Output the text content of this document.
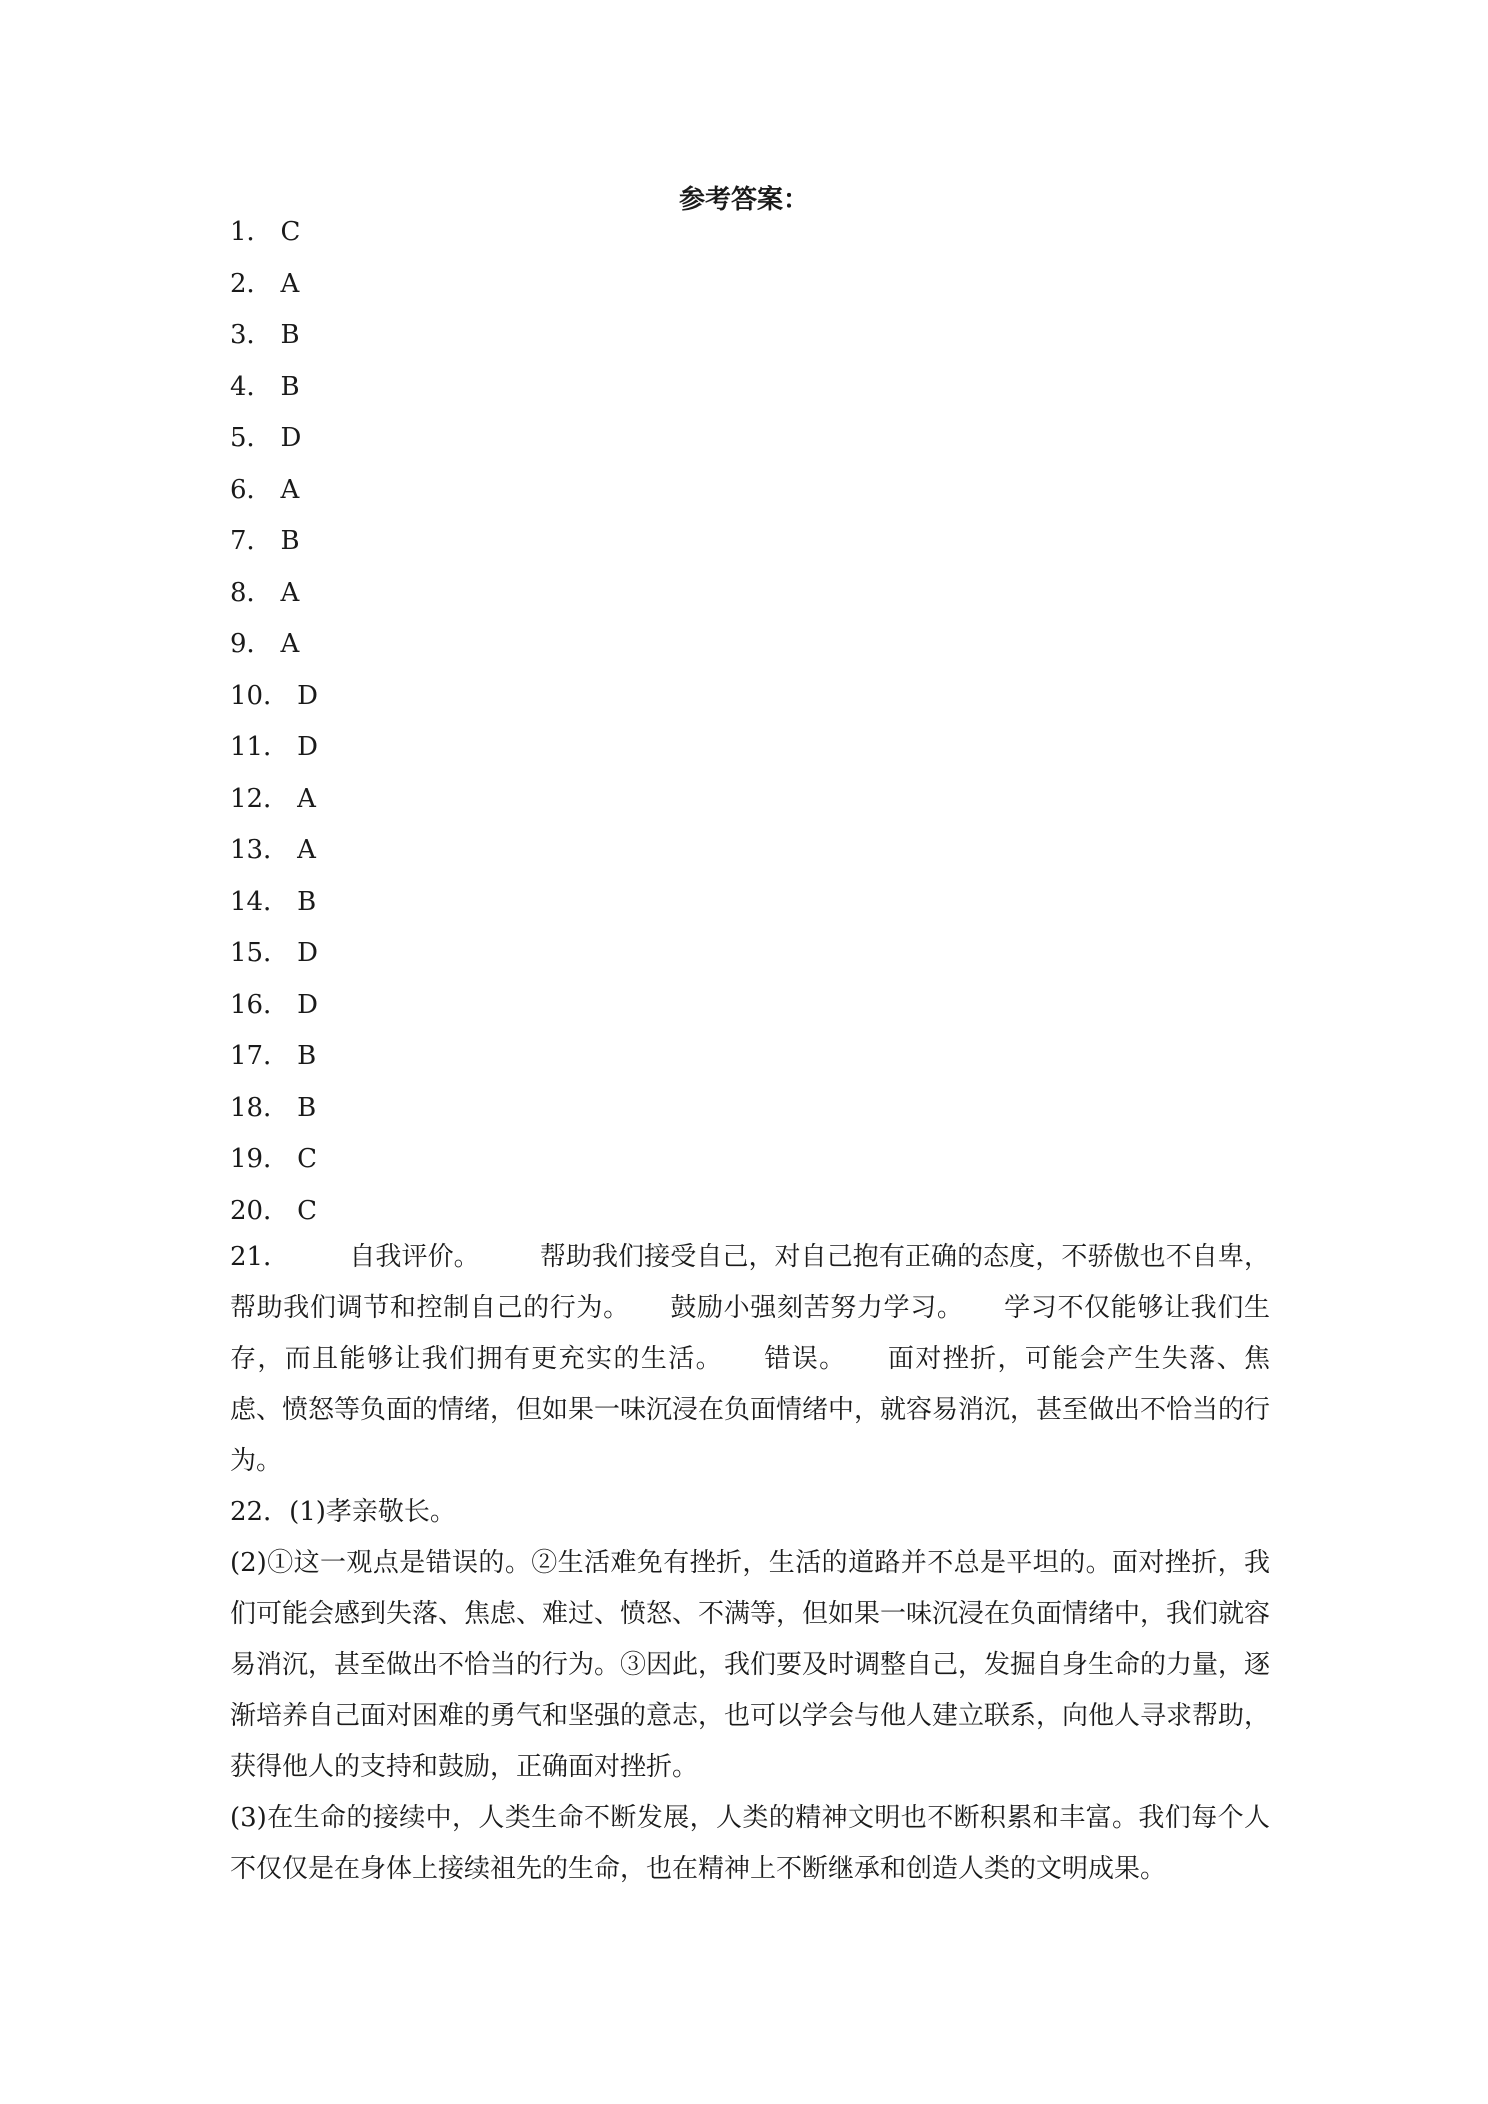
参考答案：
1． C
2． A
3． B
4． B
5． D
6． A
7． B
8． A
9． A
10． D
11． D
12． A
13． A
14． B
15． D
16． D
17． B
18． B
19． C
20． C

21． 自我评价。 帮助我们接受自己，对自己抱有正确的态度，不骄傲也不自卑，帮助我们调节和控制自己的行为。 鼓励小强刻苦努力学习。 学习不仅能够让我们生存，而且能够让我们拥有更充实的生活。 错误。 面对挫折，可能会产生失落、焦虑、愤怒等负面的情绪，但如果一味沉浸在负面情绪中，就容易消沉，甚至做出不恰当的行为。

22．(1)孝亲敬长。

(2)①这一观点是错误的。②生活难免有挫折，生活的道路并不总是平坦的。面对挫折，我们可能会感到失落、焦虑、难过、愤怒、不满等，但如果一味沉浸在负面情绪中，我们就容易消沉，甚至做出不恰当的行为。③因此，我们要及时调整自己，发掘自身生命的力量，逐渐培养自己面对困难的勇气和坚强的意志，也可以学会与他人建立联系，向他人寻求帮助，获得他人的支持和鼓励，正确面对挫折。

(3)在生命的接续中，人类生命不断发展，人类的精神文明也不断积累和丰富。我们每个人不仅仅是在身体上接续祖先的生命，也在精神上不断继承和创造人类的文明成果。
